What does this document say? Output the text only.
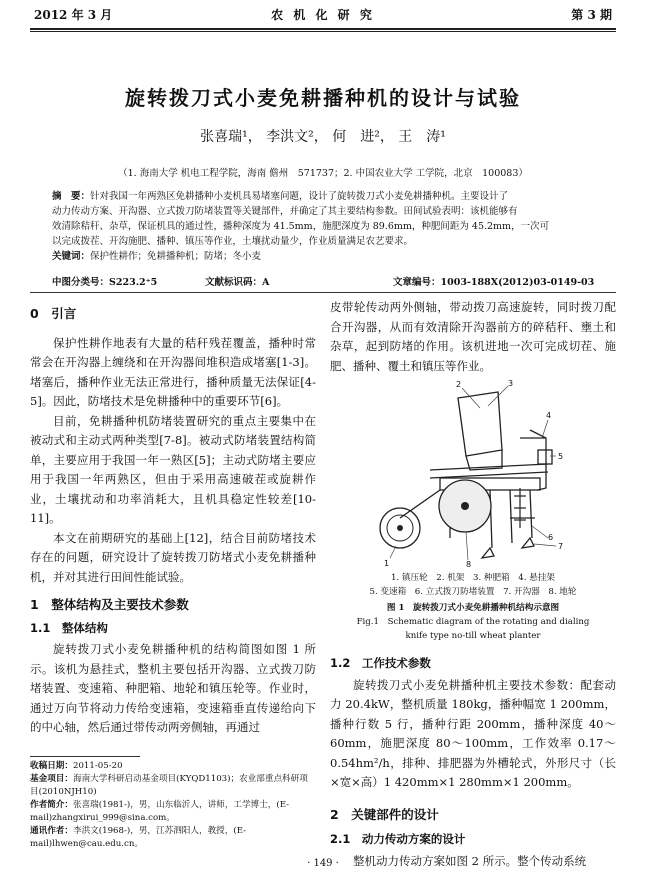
2012 年 3 月	农 机 化 研 究	第 3 期
旋转拨刀式小麦免耕播种机的设计与试验
张喜瑞¹， 李洪文²， 何　进²， 王　涛¹
（1. 海南大学 机电工程学院，海南 儋州　571737；2. 中国农业大学 工学院，北京　100083）
摘　要：针对我国一年两熟区免耕播种小麦机具易堵塞问题，设计了旋转拨刀式小麦免耕播种机。主要设计了
动力传动方案、开沟器、立式拨刀防堵装置等关键部件，并确定了其主要结构参数。田间试验表明：该机能够有
效清除秸秆、杂草，保证机具的通过性，播种深度为 41.5mm，施肥深度为 89.6mm，种肥间距为 45.2mm，一次可
以完成拨茬、开沟施肥、播种、镇压等作业，土壤扰动量少，作业质量满足农艺要求。
关键词：保护性耕作；免耕播种机；防堵；冬小麦
中图分类号：S223.2⁺5	文献标识码：A	文章编号：1003-188X(2012)03-0149-03
0　引言

保护性耕作地表有大量的秸秆残茬覆盖，播种时常常会在开沟器上缠绕和在开沟器间堆积造成堵塞[1-3]。堵塞后，播种作业无法正常进行，播种质量无法保证[4-5]。因此，防堵技术是免耕播种中的重要环节[6]。

目前，免耕播种机防堵装置研究的重点主要集中在被动式和主动式两种类型[7-8]。被动式防堵装置结构简单，主要应用于我国一年一熟区[5]；主动式防堵主要应用于我国一年两熟区，但由于采用高速破茬或旋耕作业，土壤扰动和功率消耗大，且机具稳定性较差[10-11]。

本文在前期研究的基础上[12]，结合目前防堵技术存在的问题，研究设计了旋转拨刀防堵式小麦免耕播种机，并对其进行田间性能试验。

1　整体结构及主要技术参数
1.1　整体结构

旋转拨刀式小麦免耕播种机的结构简图如图 1 所示。该机为悬挂式，整机主要包括开沟器、立式拨刀防堵装置、变速箱、种肥箱、地轮和镇压轮等。作业时，通过万向节将动力传给变速箱，变速箱垂直传递给向下的中心轴，然后通过带传动两旁侧轴，再通过

收稿日期：2011-05-20
基金项目：海南大学科研启动基金项目(KYQD1103)；农业部重点科研项目(2010NJH10)
作者简介：张喜瑞(1981-)，男，山东临沂人，讲师，工学博士，(E-mail)zhangxirui_999@sina.com。
通讯作者：李洪文(1968-)，男，江苏泗阳人，教授，(E-mail)lhwen@cau.edu.cn。

皮带轮传动两外侧轴，带动拨刀高速旋转，同时拨刀配合开沟器，从而有效清除开沟器前方的碎秸秆、壅土和杂草，起到防堵的作用。该机进地一次可完成切茬、施肥、播种、覆土和镇压等作业。

2	3
4
5
1
6
7
8
1. 镇压轮　2. 机架　3. 种肥箱　4. 悬挂架
5. 变速箱　6. 立式拨刀防堵装置　7. 开沟器　8. 地轮
图 1　旋转拨刀式小麦免耕播种机结构示意图
Fig.1　Schematic diagram of the rotating and dialing
knife type no-till wheat planter
1.2　工作技术参数

旋转拨刀式小麦免耕播种机主要技术参数：配套动力 20.4kW，整机质量 180kg，播种幅宽 1 200mm，播种行数 5 行，播种行距 200mm，播种深度 40～60mm，施肥深度 80～100mm，工作效率 0.17～0.54hm²/h，排种、排肥器为外槽轮式，外形尺寸（长×宽×高）1 420mm×1 280mm×1 200mm。

2　关键部件的设计
2.1　动力传动方案的设计

整机动力传动方案如图 2 所示。整个传动系统

· 149 ·
